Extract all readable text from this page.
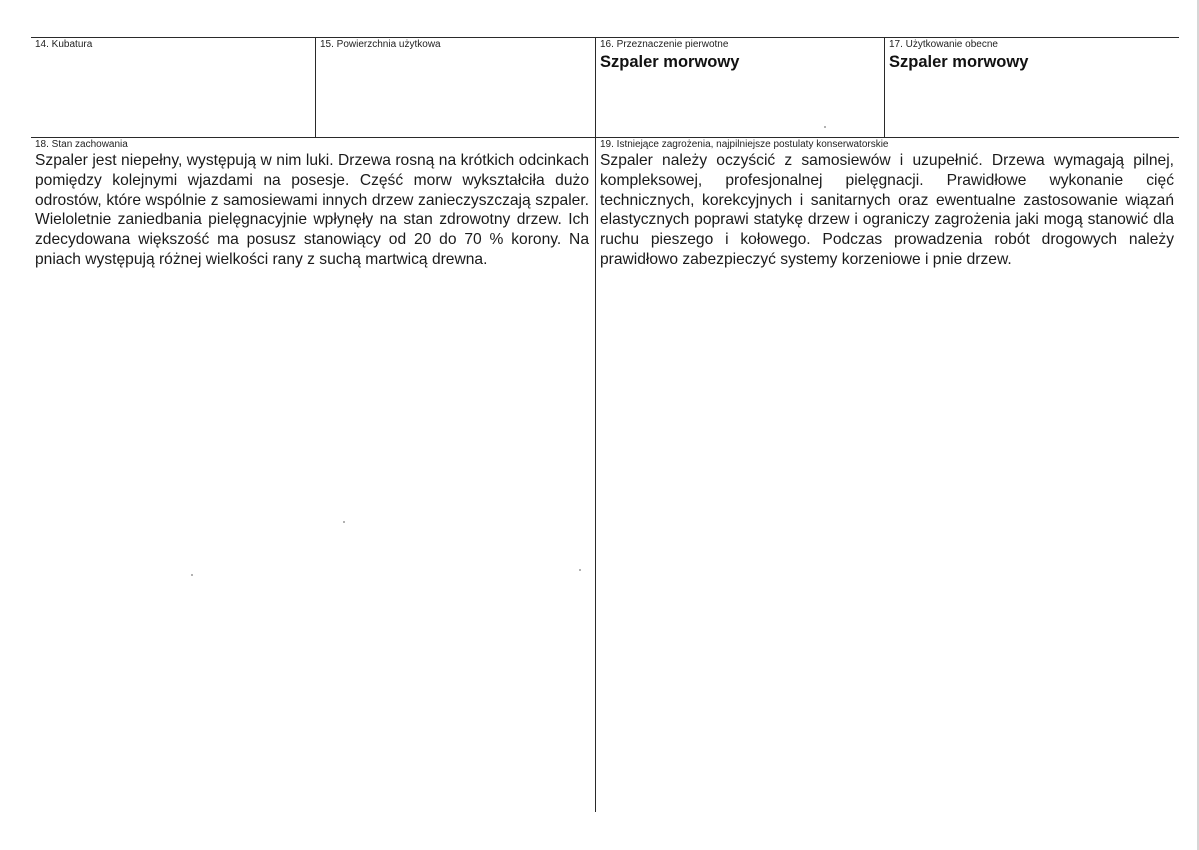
14. Kubatura	15. Powierzchnia użytkowa	16. Przeznaczenie pierwotne
Szpaler morwowy
17. Użytkowanie obecne
Szpaler morwowy
18. Stan zachowania

Szpaler jest niepełny, występują w nim luki. Drzewa rosną na krótkich odcinkach pomiędzy kolejnymi wjazdami na posesje. Część morw wykształciła dużo odrostów, które wspólnie z samosiewami innych drzew zanieczyszczają szpaler. Wieloletnie zaniedbania pielęgnacyjnie wpłynęły na stan zdrowotny drzew. Ich zdecydowana większość ma posusz stanowiący od 20 do 70 % korony. Na pniach występują różnej wielkości rany z suchą martwicą drewna.

19. Istniejące zagrożenia, najpilniejsze postulaty konserwatorskie

Szpaler należy oczyścić z samosiewów i uzupełnić. Drzewa wymagają pilnej, kompleksowej, profesjonalnej pielęgnacji. Prawidłowe wykonanie cięć technicznych, korekcyjnych i sanitarnych oraz ewentualne zastosowanie wiązań elastycznych poprawi statykę drzew i ograniczy zagrożenia jaki mogą stanowić dla ruchu pieszego i kołowego. Podczas prowadzenia robót drogowych należy prawidłowo zabezpieczyć systemy korzeniowe i pnie drzew.
